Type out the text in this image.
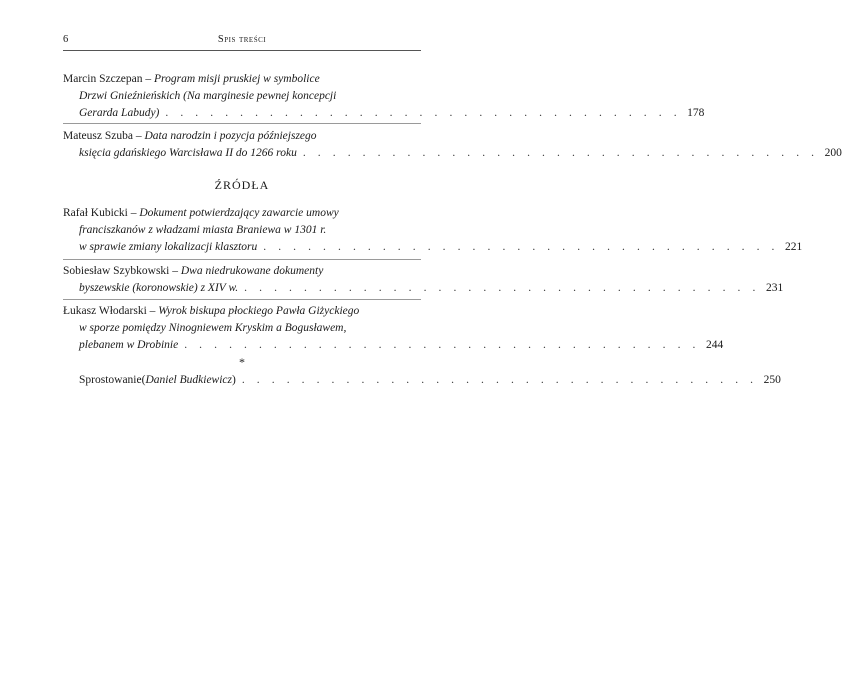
6	Spis treści
Marcin Szczepan – Program misji pruskiej w symbolice
Drzwi Gnieźnieńskich (Na marginesie pewnej koncepcji
Gerarda Labudy) . . . . . . . . . . . . . . . . . . . . . . . . . . . . . . . . . . . 178
Mateusz Szuba – Data narodzin i pozycja późniejszego
księcia gdańskiego Warcisława II do 1266 roku . . . . . . . . . . . . . . . . . . . . . . . . . . . . . . . . . . . 200
ŹRÓDŁA
Rafał Kubicki – Dokument potwierdzający zawarcie umowy
franciszkanów z władzami miasta Braniewa w 1301 r.
w sprawie zmiany lokalizacji klasztoru . . . . . . . . . . . . . . . . . . . . . . . . . . . . . . . . . . . 221
Sobiesław Szybkowski – Dwa niedrukowane dokumenty
byszewskie (koronowskie) z XIV w. . . . . . . . . . . . . . . . . . . . . . . . . . . . . . . . . . . . 231
Łukasz Włodarski – Wyrok biskupa płockiego Pawła Giżyckiego
w sporze pomiędzy Ninogniewem Kryskim a Bogusławem,
plebanem w Drobinie . . . . . . . . . . . . . . . . . . . . . . . . . . . . . . . . . . . 244
*
Sprostowanie ( Daniel Budkiewicz ) . . . . . . . . . . . . . . . . . . . . . . . . . . . . . . . . . . . 250
